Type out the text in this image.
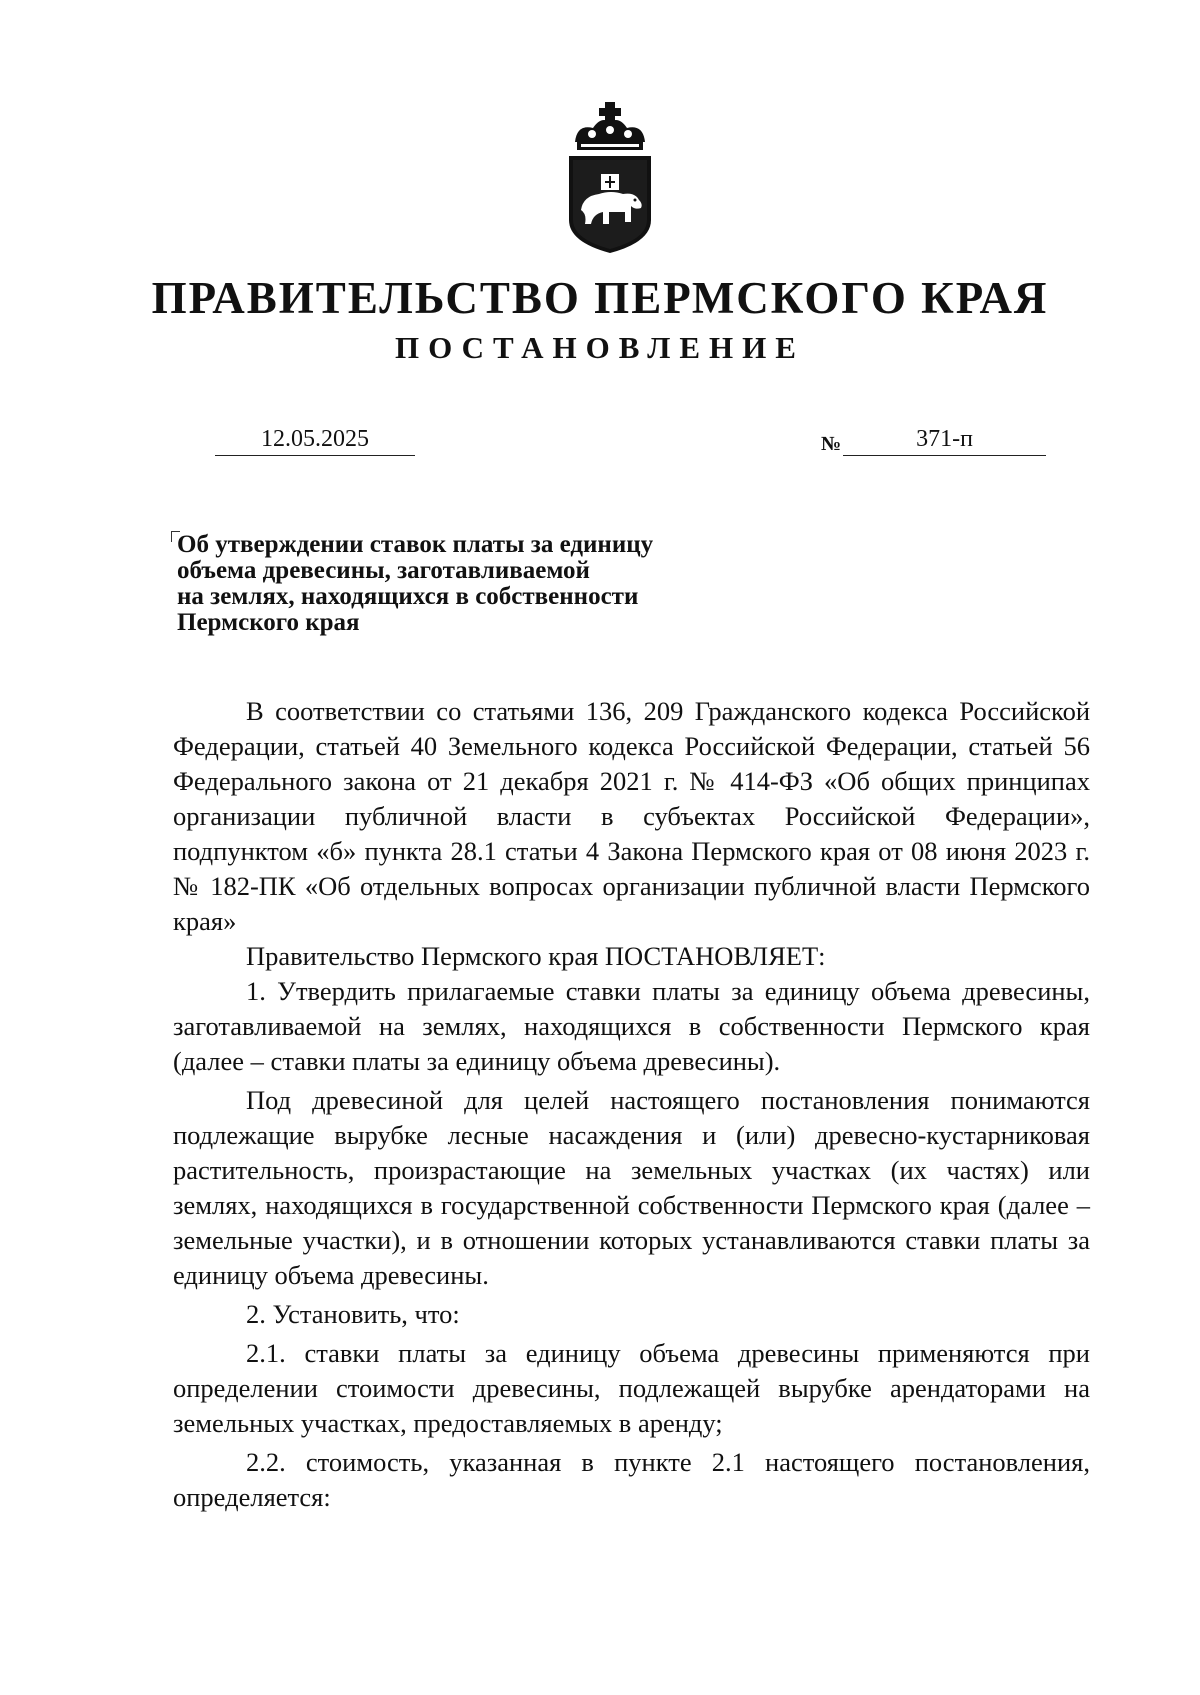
ПРАВИТЕЛЬСТВО ПЕРМСКОГО КРАЯ
ПОСТАНОВЛЕНИЕ
12.05.2025	№	371-п
Об утверждении ставок платы за единицу
объема древесины, заготавливаемой
на землях, находящихся в собственности
Пермского края

В соответствии со статьями 136, 209 Гражданского кодекса Российской Федерации, статьей 40 Земельного кодекса Российской Федерации, статьей 56 Федерального закона от 21 декабря 2021 г. № 414-ФЗ «Об общих принципах организации публичной власти в субъектах Российской Федерации», подпунктом «б» пункта 28.1 статьи 4 Закона Пермского края от 08 июня 2023 г. № 182-ПК «Об отдельных вопросах организации публичной власти Пермского края»

Правительство Пермского края ПОСТАНОВЛЯЕТ:

1. Утвердить прилагаемые ставки платы за единицу объема древесины, заготавливаемой на землях, находящихся в собственности Пермского края (далее – ставки платы за единицу объема древесины).

Под древесиной для целей настоящего постановления понимаются подлежащие вырубке лесные насаждения и (или) древесно-кустарниковая растительность, произрастающие на земельных участках (их частях) или землях, находящихся в государственной собственности Пермского края (далее – земельные участки), и в отношении которых устанавливаются ставки платы за единицу объема древесины.

2. Установить, что:

2.1. ставки платы за единицу объема древесины применяются при определении стоимости древесины, подлежащей вырубке арендаторами на земельных участках, предоставляемых в аренду;

2.2. стоимость, указанная в пункте 2.1 настоящего постановления, определяется:
